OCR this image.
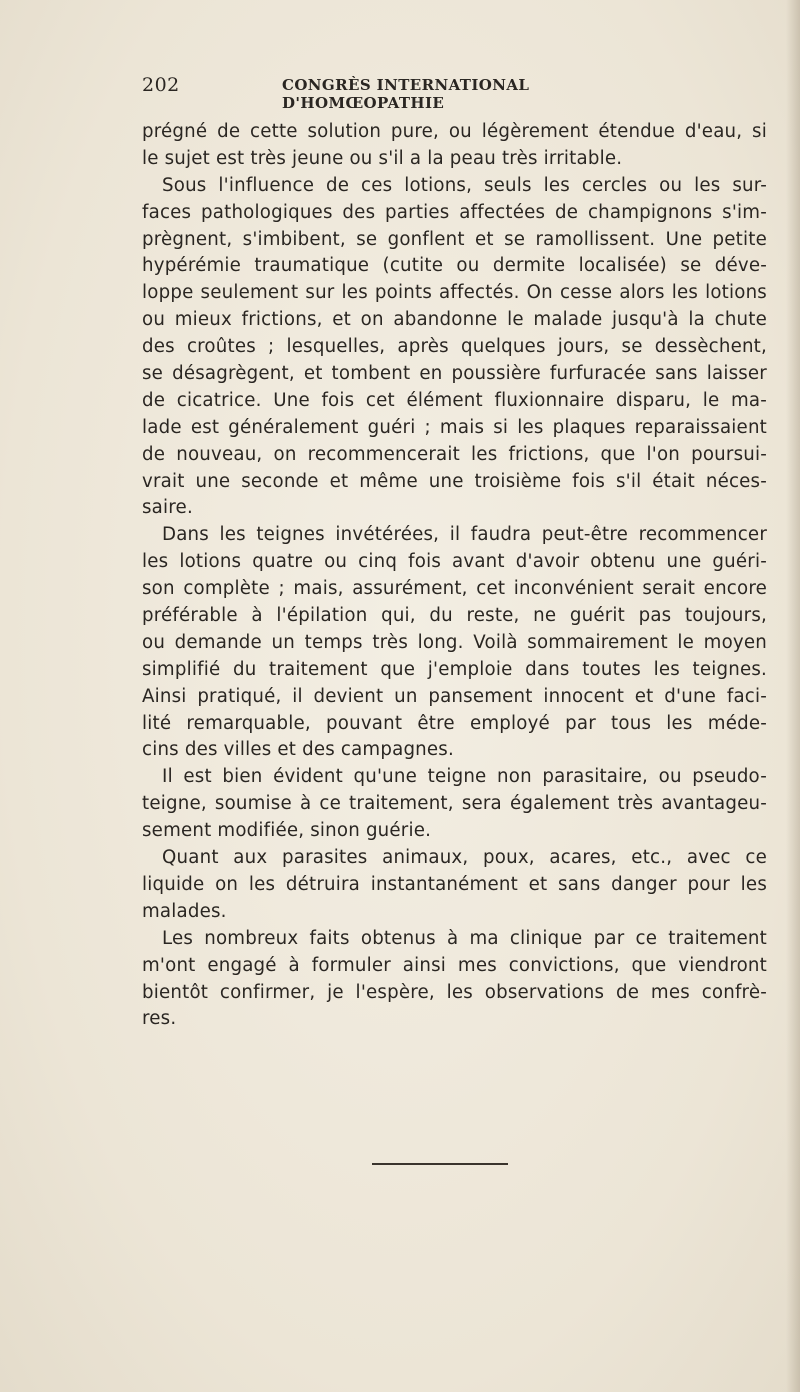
202	CONGRÈS INTERNATIONAL D'HOMŒOPATHIE
prégné de cette solution pure, ou légèrement étendue d'eau, si
le sujet est très jeune ou s'il a la peau très irritable.
Sous l'influence de ces lotions, seuls les cercles ou les sur-
faces pathologiques des parties affectées de champignons s'im-
prègnent, s'imbibent, se gonflent et se ramollissent. Une petite
hypérémie traumatique (cutite ou dermite localisée) se déve-
loppe seulement sur les points affectés. On cesse alors les lotions
ou mieux frictions, et on abandonne le malade jusqu'à la chute
des croûtes ; lesquelles, après quelques jours, se dessèchent,
se désagrègent, et tombent en poussière furfuracée sans laisser
de cicatrice. Une fois cet élément fluxionnaire disparu, le ma-
lade est généralement guéri ; mais si les plaques reparaissaient
de nouveau, on recommencerait les frictions, que l'on poursui-
vrait une seconde et même une troisième fois s'il était néces-
saire.
Dans les teignes invétérées, il faudra peut-être recommencer
les lotions quatre ou cinq fois avant d'avoir obtenu une guéri-
son complète ; mais, assurément, cet inconvénient serait encore
préférable à l'épilation qui, du reste, ne guérit pas toujours,
ou demande un temps très long. Voilà sommairement le moyen
simplifié du traitement que j'emploie dans toutes les teignes.
Ainsi pratiqué, il devient un pansement innocent et d'une faci-
lité remarquable, pouvant être employé par tous les méde-
cins des villes et des campagnes.
Il est bien évident qu'une teigne non parasitaire, ou pseudo-
teigne, soumise à ce traitement, sera également très avantageu-
sement modifiée, sinon guérie.
Quant aux parasites animaux, poux, acares, etc., avec ce
liquide on les détruira instantanément et sans danger pour les
malades.
Les nombreux faits obtenus à ma clinique par ce traitement
m'ont engagé à formuler ainsi mes convictions, que viendront
bientôt confirmer, je l'espère, les observations de mes confrè-
res.
